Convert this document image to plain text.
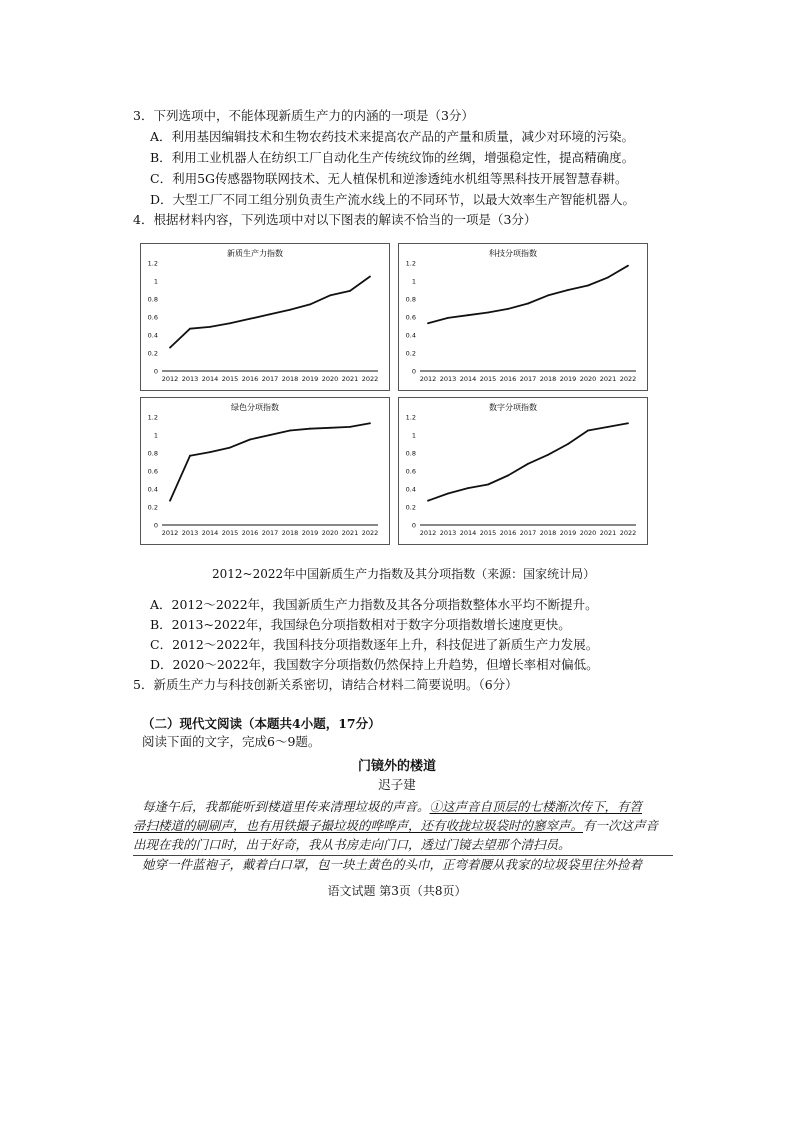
3．下列选项中，不能体现新质生产力的内涵的一项是（3分）
A．利用基因编辑技术和生物农药技术来提高农产品的产量和质量，减少对环境的污染。
B．利用工业机器人在纺织工厂自动化生产传统纹饰的丝绸，增强稳定性，提高精确度。
C．利用5G传感器物联网技术、无人植保机和逆渗透纯水机组等黑科技开展智慧春耕。
D．大型工厂不同工组分别负责生产流水线上的不同环节，以最大效率生产智能机器人。
4．根据材料内容，下列选项中对以下图表的解读不恰当的一项是（3分）
新质生产力指数
0
0.2
0.4
0.6
0.8
1
1.2
2012 2013 2014 2015 2016 2017 2018 2019 2020 2021 2022
科技分项指数
0
0.2
0.4
0.6
0.8
1
1.2
2012 2013 2014 2015 2016 2017 2018 2019 2020 2021 2022
绿色分项指数
0
0.2
0.4
0.6
0.8
1
1.2
2012 2013 2014 2015 2016 2017 2018 2019 2020 2021 2022
数字分项指数
0
0.2
0.4
0.6
0.8
1
1.2
2012 2013 2014 2015 2016 2017 2018 2019 2020 2021 2022
2012~2022年中国新质生产力指数及其分项指数（来源：国家统计局）
A．2012～2022年，我国新质生产力指数及其各分项指数整体水平均不断提升。
B．2013~2022年，我国绿色分项指数相对于数字分项指数增长速度更快。
C．2012～2022年，我国科技分项指数逐年上升，科技促进了新质生产力发展。
D．2020～2022年，我国数字分项指数仍然保持上升趋势，但增长率相对偏低。
5．新质生产力与科技创新关系密切，请结合材料二简要说明。（6分）
（二）现代文阅读（本题共4小题，17分）
阅读下面的文字，完成6～9题。
门镜外的楼道
迟子建
每逢午后，我都能听到楼道里传来清理垃圾的声音。①这声音自顶层的七楼渐次传下，有笤
帚扫楼道的刷刷声，也有用铁撮子撮垃圾的哗哗声，还有收拢垃圾袋时的窸窣声。有一次这声音
出现在我的门口时，出于好奇，我从书房走向门口，透过门镜去望那个清扫员。
她穿一件蓝袍子，戴着白口罩，包一块土黄色的头巾，正弯着腰从我家的垃圾袋里往外捡着
语文试题 第3页（共8页）
